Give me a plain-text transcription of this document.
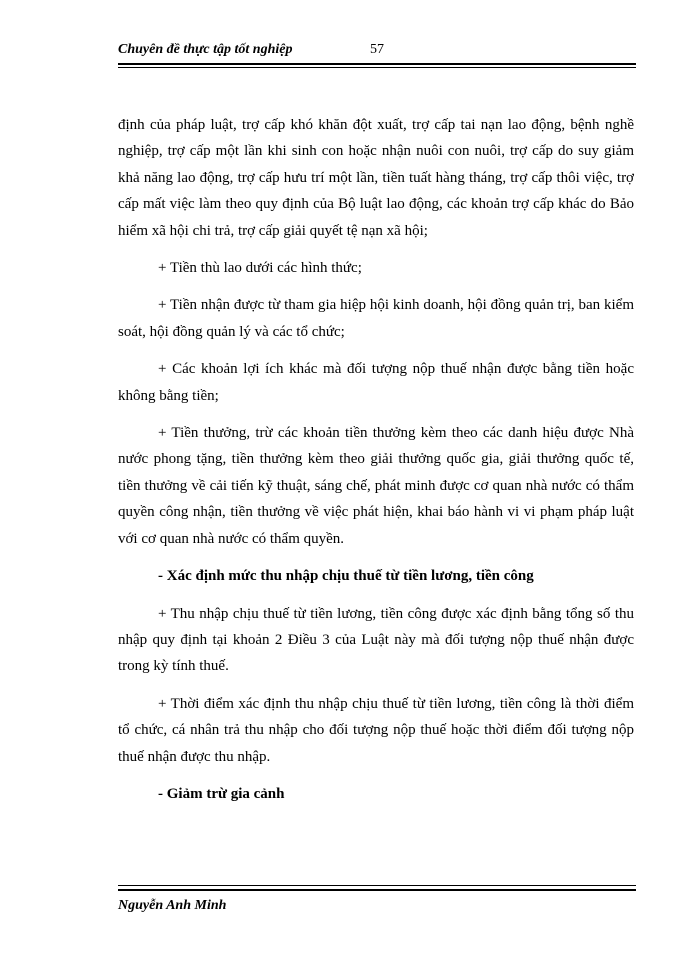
Chuyên đề thực tập tốt nghiệp	57

định của pháp luật, trợ cấp khó khăn đột xuất, trợ cấp tai nạn lao động, bệnh nghề nghiệp, trợ cấp một lần khi sinh con hoặc nhận nuôi con nuôi, trợ cấp do suy giảm khả năng lao động, trợ cấp hưu trí một lần, tiền tuất hàng tháng, trợ cấp thôi việc, trợ cấp mất việc làm theo quy định của Bộ luật lao động, các khoản trợ cấp khác do Bảo hiểm xã hội chi trả, trợ cấp giải quyết tệ nạn xã hội;

+ Tiền thù lao dưới các hình thức;

+ Tiền nhận được từ tham gia hiệp hội kinh doanh, hội đồng quản trị, ban kiểm soát, hội đồng quản lý và các tổ chức;

+ Các khoản lợi ích khác mà đối tượng nộp thuế nhận được bằng tiền hoặc không bằng tiền;

+ Tiền thưởng, trừ các khoản tiền thưởng kèm theo các danh hiệu được Nhà nước phong tặng, tiền thưởng kèm theo giải thưởng quốc gia, giải thưởng quốc tế, tiền thưởng về cải tiến kỹ thuật, sáng chế, phát minh được cơ quan nhà nước có thẩm quyền công nhận, tiền thưởng về việc phát hiện, khai báo hành vi vi phạm pháp luật với cơ quan nhà nước có thẩm quyền.

- Xác định mức thu nhập chịu thuế từ tiền lương, tiền công

+ Thu nhập chịu thuế từ tiền lương, tiền công được xác định bằng tổng số thu nhập quy định tại khoản 2 Điều 3 của Luật này mà đối tượng nộp thuế nhận được trong kỳ tính thuế.

+ Thời điểm xác định thu nhập chịu thuế từ tiền lương, tiền công là thời điểm tổ chức, cá nhân trả thu nhập cho đối tượng nộp thuế hoặc thời điểm đối tượng nộp thuế nhận được thu nhập.

- Giảm trừ gia cảnh

Nguyễn Anh Minh
